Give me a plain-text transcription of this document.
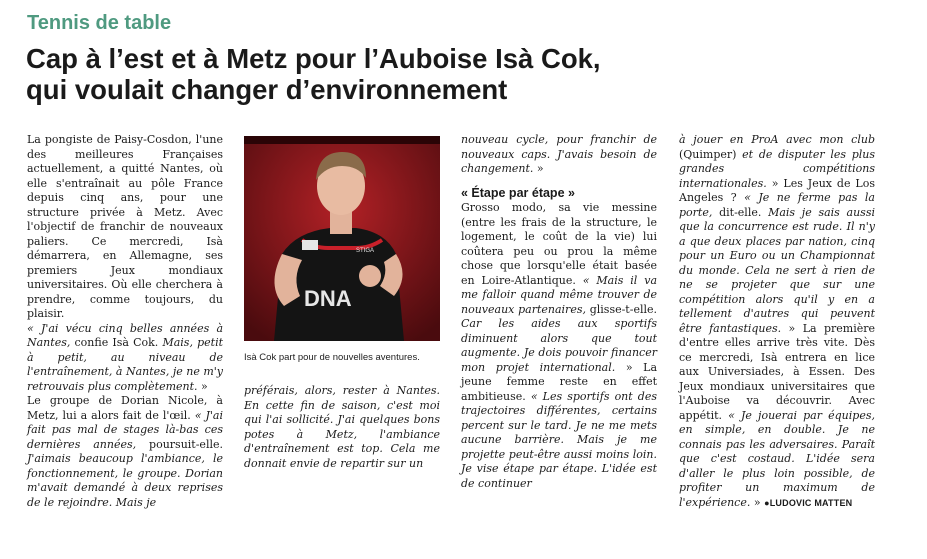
Tennis de table
Cap à l’est et à Metz pour l’Auboise Isà Cok,
qui voulait changer d’environnement

La pongiste de Paisy-Cosdon, l'une des meilleures Françaises actuellement, a quitté Nantes, où elle s'entraînait au pôle France depuis cinq ans, pour une structure privée à Metz. Avec l'objectif de franchir de nouveaux paliers. Ce mercredi, Isà démarrera, en Allemagne, ses premiers Jeux mondiaux universitaires. Où elle cherchera à prendre, comme toujours, du plaisir.

« J'ai vécu cinq belles années à Nantes, confie Isà Cok. Mais, petit à petit, au niveau de l'entraînement, à Nantes, je ne m'y retrouvais plus complètement. »

Le groupe de Dorian Nicole, à Metz, lui a alors fait de l'œil. « J'ai fait pas mal de stages là-bas ces dernières années, poursuit-elle. J'aimais beaucoup l'ambiance, le fonctionnement, le groupe. Dorian m'avait demandé à deux reprises de le rejoindre. Mais je

DNA
STIGA
Isà Cok part pour de nouvelles aventures.

préférais, alors, rester à Nantes. En cette fin de saison, c'est moi qui l'ai sollicité. J'ai quelques bons potes à Metz, l'ambiance d'entraînement est top. Cela me donnait envie de repartir sur un

nouveau cycle, pour franchir de nouveaux caps. J'avais besoin de changement. »

« Étape par étape »

Grosso modo, sa vie messine (entre les frais de la structure, le logement, le coût de la vie) lui coûtera peu ou prou la même chose que lorsqu'elle était basée en Loire-Atlantique. « Mais il va me falloir quand même trouver de nouveaux partenaires, glisse-t-elle. Car les aides aux sportifs diminuent alors que tout augmente. Je dois pouvoir financer mon projet international. » La jeune femme reste en effet ambitieuse. « Les sportifs ont des trajectoires différentes, certains percent sur le tard. Je ne me mets aucune barrière. Mais je me projette peut-être aussi moins loin. Je vise étape par étape. L'idée est de continuer

à jouer en ProA avec mon club (Quimper) et de disputer les plus grandes compétitions internationales. » Les Jeux de Los Angeles ? « Je ne ferme pas la porte, dit-elle. Mais je sais aussi que la concurrence est rude. Il n'y a que deux places par nation, cinq pour un Euro ou un Championnat du monde. Cela ne sert à rien de ne se projeter que sur une compétition alors qu'il y en a tellement d'autres qui peuvent être fantastiques. » La première d'entre elles arrive très vite. Dès ce mercredi, Isà entrera en lice aux Universiades, à Essen. Des Jeux mondiaux universitaires que l'Auboise va découvrir. Avec appétit. « Je jouerai par équipes, en simple, en double. Je ne connais pas les adversaires. Paraît que c'est costaud. L'idée sera d'aller le plus loin possible, de profiter un maximum de l'expérience. » ●LUDOVIC MATTEN
